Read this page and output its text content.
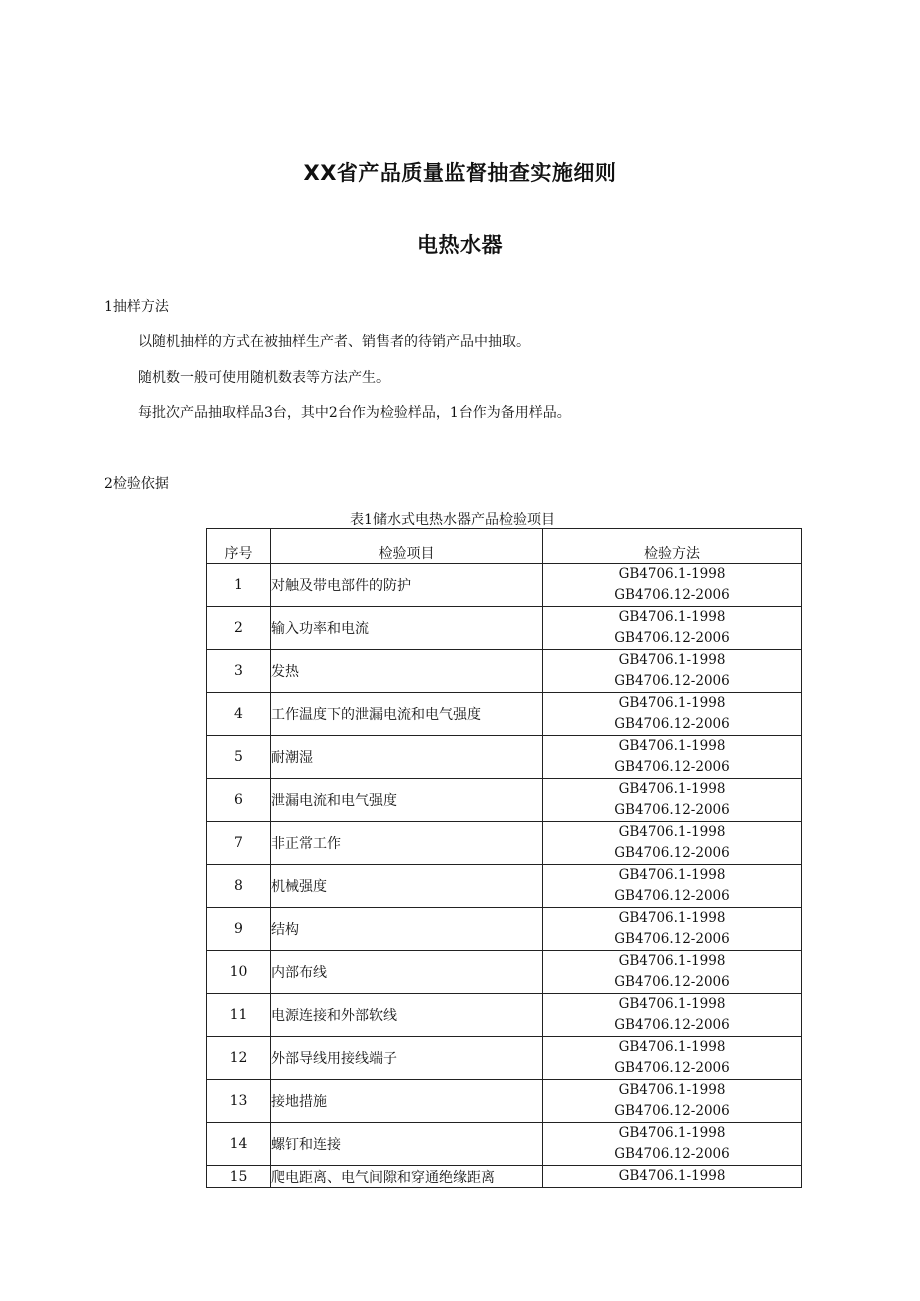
XX省产品质量监督抽查实施细则
电热水器
1抽样方法
以随机抽样的方式在被抽样生产者、销售者的待销产品中抽取。
随机数一般可使用随机数表等方法产生。
每批次产品抽取样品3台，其中2台作为检验样品，1台作为备用样品。
2检验依据
表1储水式电热水器产品检验项目
序号	检验项目	检验方法
1	对触及带电部件的防护	GB4706.1-1998
GB4706.12-2006

2	输入功率和电流	GB4706.1-1998
GB4706.12-2006

3	发热	GB4706.1-1998
GB4706.12-2006

4	工作温度下的泄漏电流和电气强度	GB4706.1-1998
GB4706.12-2006

5	耐潮湿	GB4706.1-1998
GB4706.12-2006

6	泄漏电流和电气强度	GB4706.1-1998
GB4706.12-2006

7	非正常工作	GB4706.1-1998
GB4706.12-2006

8	机械强度	GB4706.1-1998
GB4706.12-2006

9	结构	GB4706.1-1998
GB4706.12-2006

10	内部布线	GB4706.1-1998
GB4706.12-2006

11	电源连接和外部软线	GB4706.1-1998
GB4706.12-2006

12	外部导线用接线端子	GB4706.1-1998
GB4706.12-2006

13	接地措施	GB4706.1-1998
GB4706.12-2006

14	螺钉和连接	GB4706.1-1998
GB4706.12-2006

15	爬电距离、电气间隙和穿通绝缘距离	GB4706.1-1998
